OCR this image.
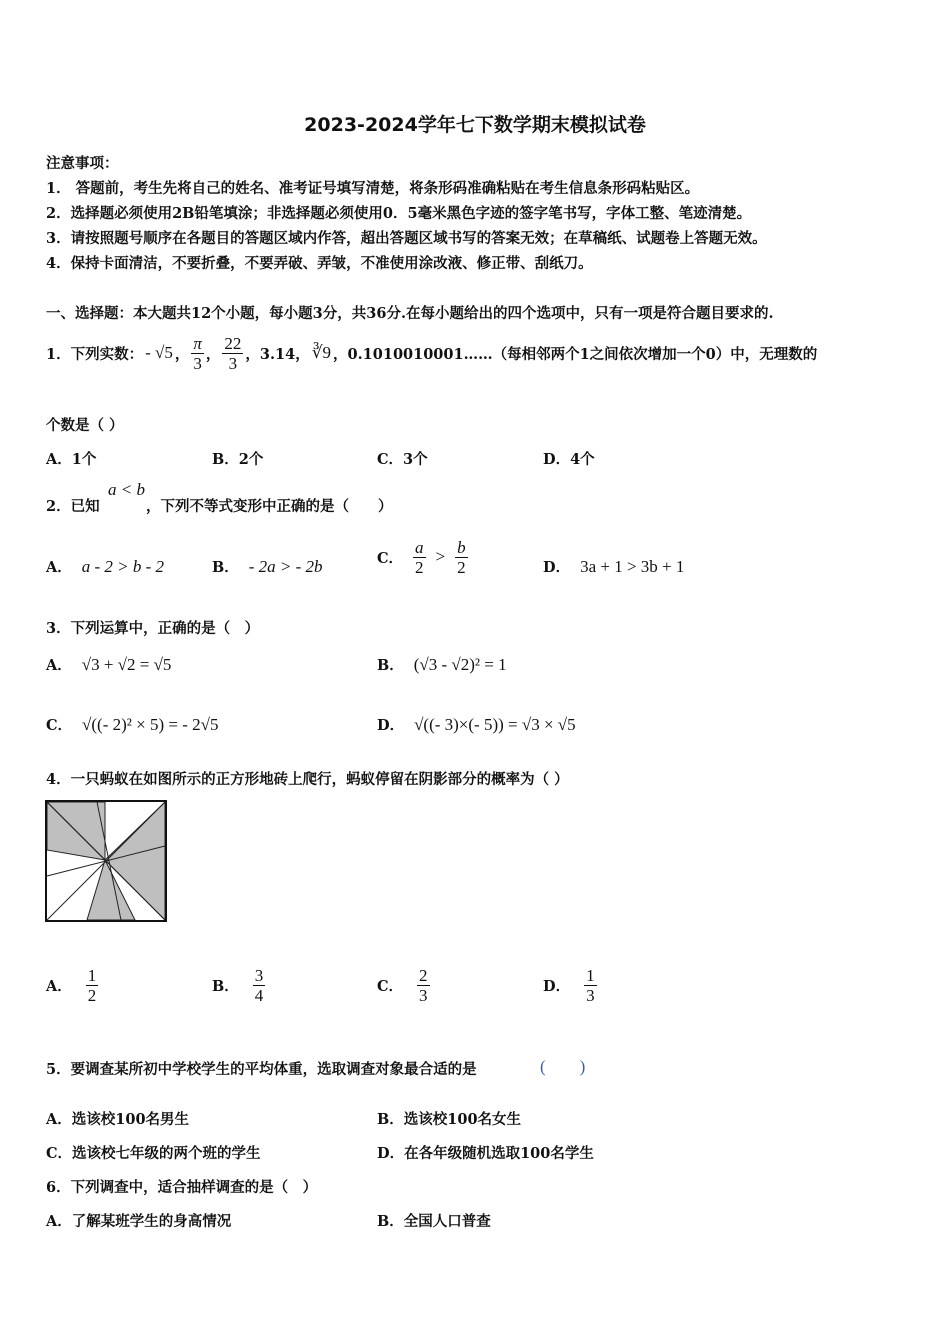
2023-2024学年七下数学期末模拟试卷
注意事项：
1． 答题前，考生先将自己的姓名、准考证号填写清楚，将条形码准确粘贴在考生信息条形码粘贴区。
2．选择题必须使用2B铅笔填涂；非选择题必须使用0．5毫米黑色字迹的签字笔书写，字体工整、笔迹清楚。
3．请按照题号顺序在各题目的答题区域内作答，超出答题区域书写的答案无效；在草稿纸、试题卷上答题无效。
4．保持卡面清洁，不要折叠，不要弄破、弄皱，不准使用涂改液、修正带、刮纸刀。
一、选择题：本大题共12个小题，每小题3分，共36分.在每小题给出的四个选项中，只有一项是符合题目要求的.
1．下列实数： - √5 ， $\frac{\pi}{3}$ ， $\frac{22}{3}$ ，3.14， ∛9 ，0.1010010001……（每相邻两个1之间依次增加一个0）中，无理数的
个数是（ ）
A．1个	B．2个	C．3个	D．4个
2．已知
a < b
，下列不等式变形中正确的是（　　）
A． a - 2 > b - 2	B． - 2a > - 2b	C． $\frac{a}{2} > \frac{b}{2}$	D． 3a + 1 > 3b + 1
3．下列运算中，正确的是（　）
A． √3 + √2 = √5	B． (√3 - √2)² = 1
C． √((- 2)² × 5) = - 2√5	D． √((- 3)×(- 5)) = √3 × √5
4．一只蚂蚁在如图所示的正方形地砖上爬行，蚂蚁停留在阴影部分的概率为（ ）
A． $\frac{1}{2}$	B． $\frac{3}{4}$	C． $\frac{2}{3}$	D． $\frac{1}{3}$
5．要调查某所初中学校学生的平均体重，选取调查对象最合适的是	(　　)
A．选该校100名男生	B．选该校100名女生
C．选该校七年级的两个班的学生	D．在各年级随机选取100名学生
6．下列调查中，适合抽样调查的是（　）
A．了解某班学生的身高情况	B．全国人口普查
